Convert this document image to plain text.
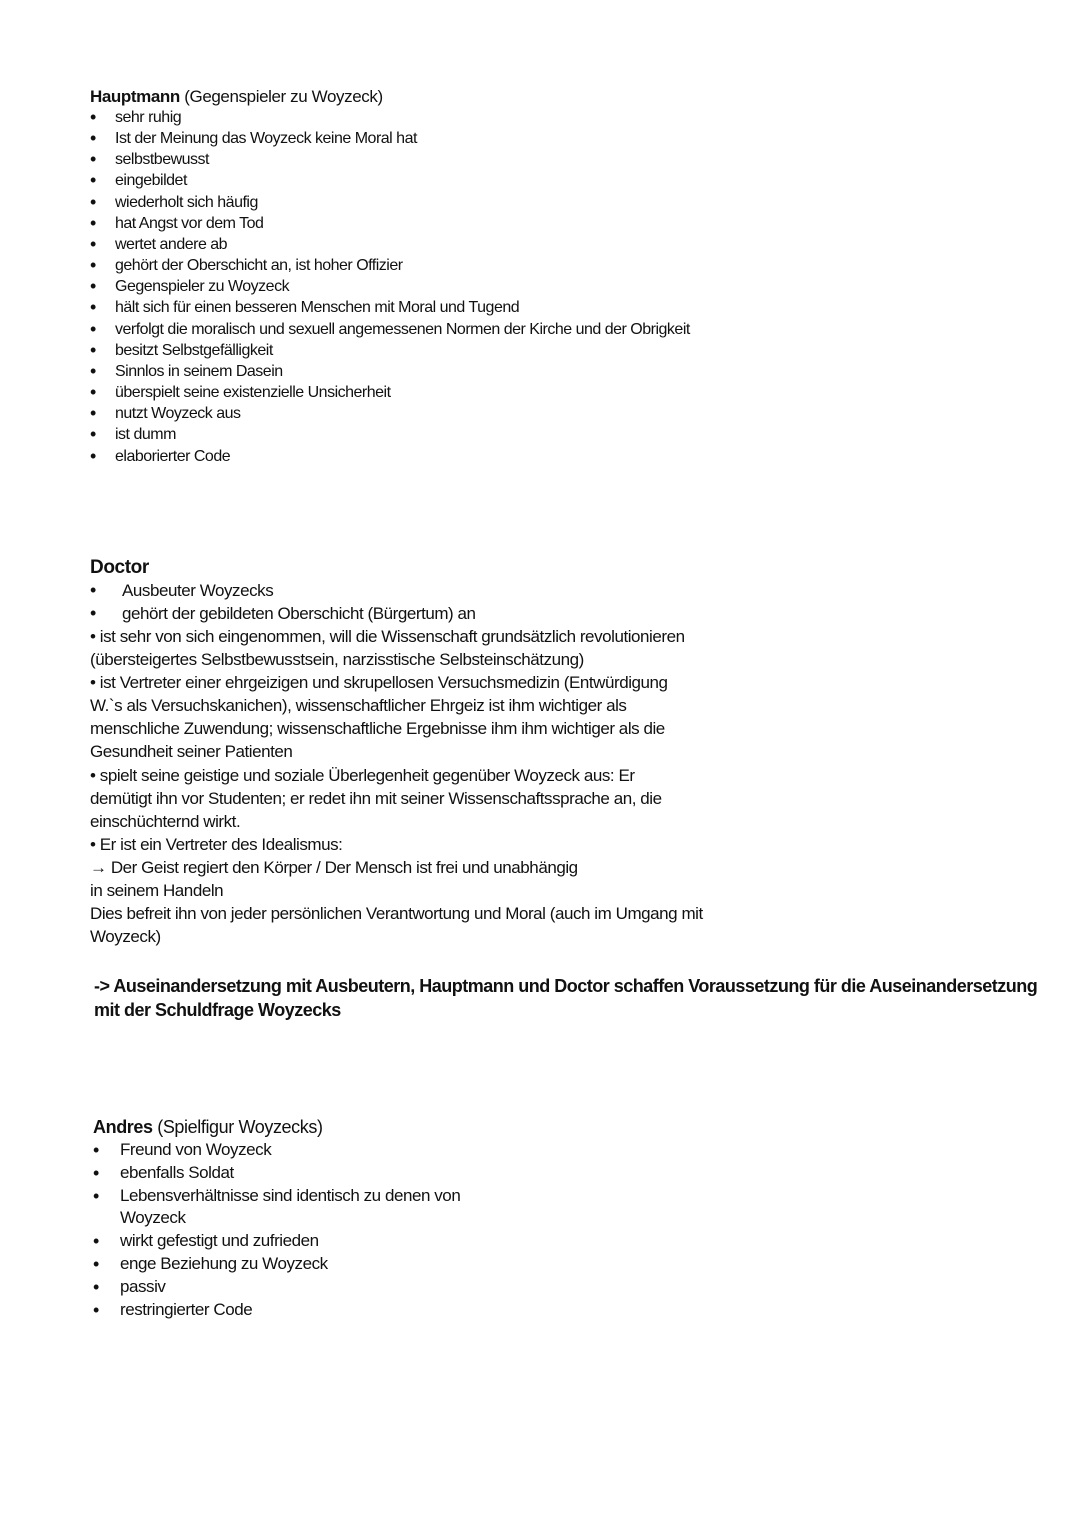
Hauptmann (Gegenspieler zu Woyzeck)
• sehr ruhig
• Ist der Meinung das Woyzeck keine Moral hat
• selbstbewusst
• eingebildet
• wiederholt sich häufig
• hat Angst vor dem Tod
• wertet andere ab
• gehört der Oberschicht an, ist hoher Offizier
• Gegenspieler zu Woyzeck
• hält sich für einen besseren Menschen mit Moral und Tugend
• verfolgt die moralisch und sexuell angemessenen Normen der Kirche und der Obrigkeit
• besitzt Selbstgefälligkeit
• Sinnlos in seinem Dasein
• überspielt seine existenzielle Unsicherheit
• nutzt Woyzeck aus
• ist dumm
• elaborierter Code
Doctor
• Ausbeuter Woyzecks
• gehört der gebildeten Oberschicht (Bürgertum) an
• ist sehr von sich eingenommen, will die Wissenschaft grundsätzlich revolutionieren
(übersteigertes Selbstbewusstsein, narzisstische Selbsteinschätzung)
• ist Vertreter einer ehrgeizigen und skrupellosen Versuchsmedizin (Entwürdigung
W.`s als Versuchskanichen), wissenschaftlicher Ehrgeiz ist ihm wichtiger als
menschliche Zuwendung; wissenschaftliche Ergebnisse ihm ihm wichtiger als die
Gesundheit seiner Patienten
• spielt seine geistige und soziale Überlegenheit gegenüber Woyzeck aus: Er
demütigt ihn vor Studenten; er redet ihn mit seiner Wissenschaftssprache an, die
einschüchternd wirkt.
• Er ist ein Vertreter des Idealismus:
→ Der Geist regiert den Körper / Der Mensch ist frei und unabhängig
in seinem Handeln
Dies befreit ihn von jeder persönlichen Verantwortung und Moral (auch im Umgang mit
Woyzeck)
-> Auseinandersetzung mit Ausbeutern, Hauptmann und Doctor schaffen Voraussetzung für die Auseinandersetzung
mit der Schuldfrage Woyzecks
Andres (Spielfigur Woyzecks)
• Freund von Woyzeck
• ebenfalls Soldat
• Lebensverhältnisse sind identisch zu denen von
Woyzeck
• wirkt gefestigt und zufrieden
• enge Beziehung zu Woyzeck
• passiv
• restringierter Code
